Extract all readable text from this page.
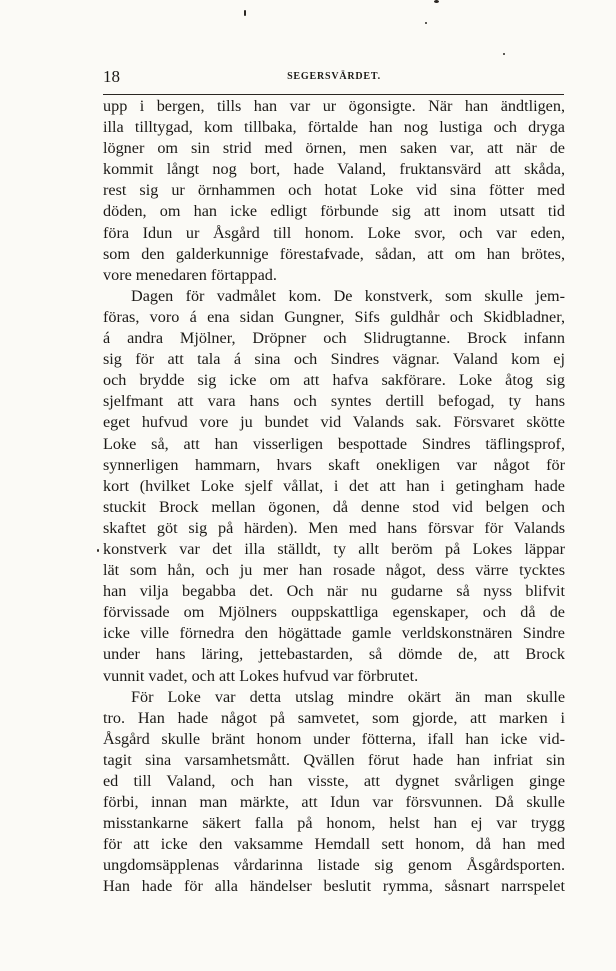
18	SEGERSVÄRDET.
upp i bergen, tills han var ur ögonsigte. När han ändtligen,
illa tilltygad, kom tillbaka, förtalde han nog lustiga och dryga
lögner om sin strid med örnen, men saken var, att när de
kommit långt nog bort, hade Valand, fruktansvärd att skåda,
rest sig ur örnhammen och hotat Loke vid sina fötter med
döden, om han icke edligt förbunde sig att inom utsatt tid
föra Idun ur Åsgård till honom. Loke svor, och var eden,
som den galderkunnige förestafvade, sådan, att om han brötes,
vore menedaren förtappad.
Dagen för vadmålet kom. De konstverk, som skulle jem-
föras, voro á ena sidan Gungner, Sifs guldhår och Skidbladner,
á andra Mjölner, Dröpner och Slidrugtanne. Brock infann
sig för att tala á sina och Sindres vägnar. Valand kom ej
och brydde sig icke om att hafva sakförare. Loke åtog sig
sjelfmant att vara hans och syntes dertill befogad, ty hans
eget hufvud vore ju bundet vid Valands sak. Försvaret skötte
Loke så, att han visserligen bespottade Sindres täflingsprof,
synnerligen hammarn, hvars skaft onekligen var något för
kort (hvilket Loke sjelf vållat, i det att han i getingham hade
stuckit Brock mellan ögonen, då denne stod vid belgen och
skaftet göt sig på härden). Men med hans försvar för Valands
konstverk var det illa ställdt, ty allt beröm på Lokes läppar
lät som hån, och ju mer han rosade något, dess värre tycktes
han vilja begabba det. Och när nu gudarne så nyss blifvit
förvissade om Mjölners ouppskattliga egenskaper, och då de
icke ville förnedra den högättade gamle verldskonstnären Sindre
under hans läring, jettebastarden, så dömde de, att Brock
vunnit vadet, och att Lokes hufvud var förbrutet.
För Loke var detta utslag mindre okärt än man skulle
tro. Han hade något på samvetet, som gjorde, att marken i
Åsgård skulle bränt honom under fötterna, ifall han icke vid-
tagit sina varsamhetsmått. Qvällen förut hade han infriat sin
ed till Valand, och han visste, att dygnet svårligen ginge
förbi, innan man märkte, att Idun var försvunnen. Då skulle
misstankarne säkert falla på honom, helst han ej var trygg
för att icke den vaksamme Hemdall sett honom, då han med
ungdomsäpplenas vårdarinna listade sig genom Åsgårdsporten.
Han hade för alla händelser beslutit rymma, såsnart narrspelet
